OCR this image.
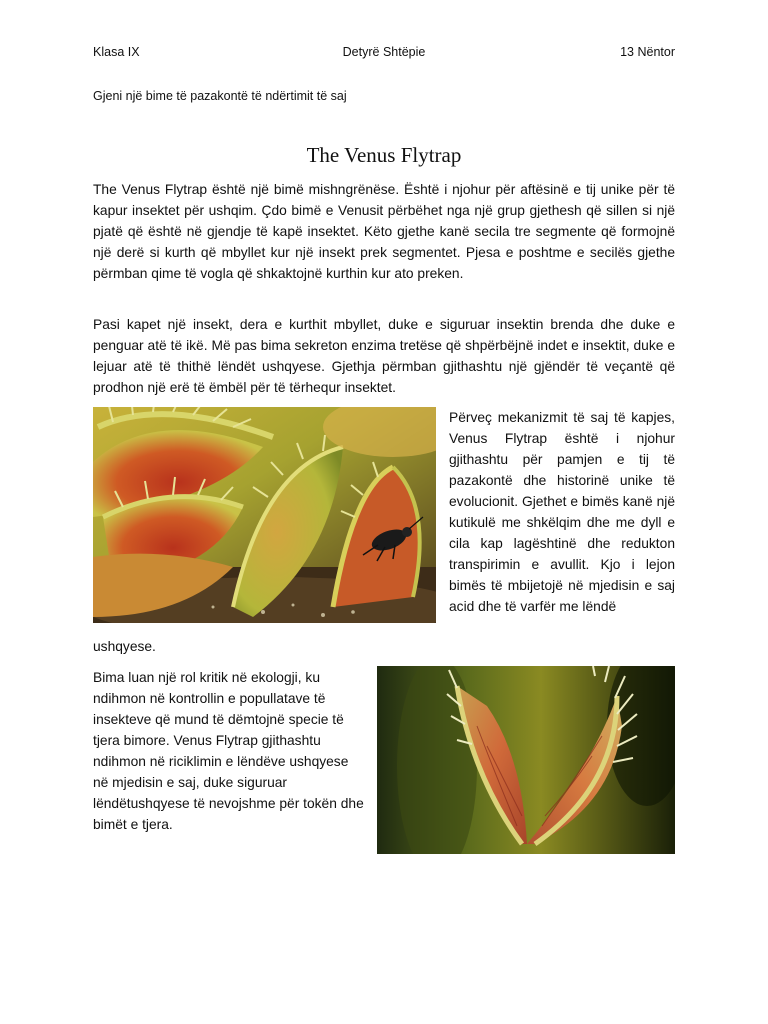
Detyrë Shtëpie
Klasa IX	13 Nëntor
Gjeni një bime të pazakontë të ndërtimit të saj
The Venus Flytrap

The Venus Flytrap është një bimë mishngrënëse. Është i njohur për aftësinë e tij unike për të kapur insektet për ushqim. Çdo bimë e Venusit përbëhet nga një grup gjethesh që sillen si një pjatë që është në gjendje të kapë insektet. Këto gjethe kanë secila tre segmente që formojnë një derë si kurth që mbyllet kur një insekt prek segmentet. Pjesa e poshtme e secilës gjethe përmban qime të vogla që shkaktojnë kurthin kur ato preken.

Pasi kapet një insekt, dera e kurthit mbyllet, duke e siguruar insektin brenda dhe duke e penguar atë të ikë. Më pas bima sekreton enzima tretëse që shpërbëjnë indet e insektit, duke e lejuar atë të thithë lëndët ushqyese. Gjethja përmban gjithashtu një gjëndër të veçantë që prodhon një erë të ëmbël për të tërhequr insektet.

Përveç mekanizmit të saj të kapjes, Venus Flytrap është i njohur gjithashtu për pamjen e tij të pazakontë dhe historinë unike të evolucionit. Gjethet e bimës kanë një kutikulë me shkëlqim dhe me dyll e cila kap lagështinë dhe redukton transpirimin e avullit. Kjo i lejon bimës të mbijetojë në mjedisin e saj acid dhe të varfër me lëndë

ushqyese.

Bima luan një rol kritik në ekologji, ku ndihmon në kontrollin e popullatave të insekteve që mund të dëmtojnë specie të tjera bimore. Venus Flytrap gjithashtu ndihmon në riciklimin e lëndëve ushqyese në mjedisin e saj, duke siguruar lëndëtushqyese të nevojshme për tokën dhe bimët e tjera.
